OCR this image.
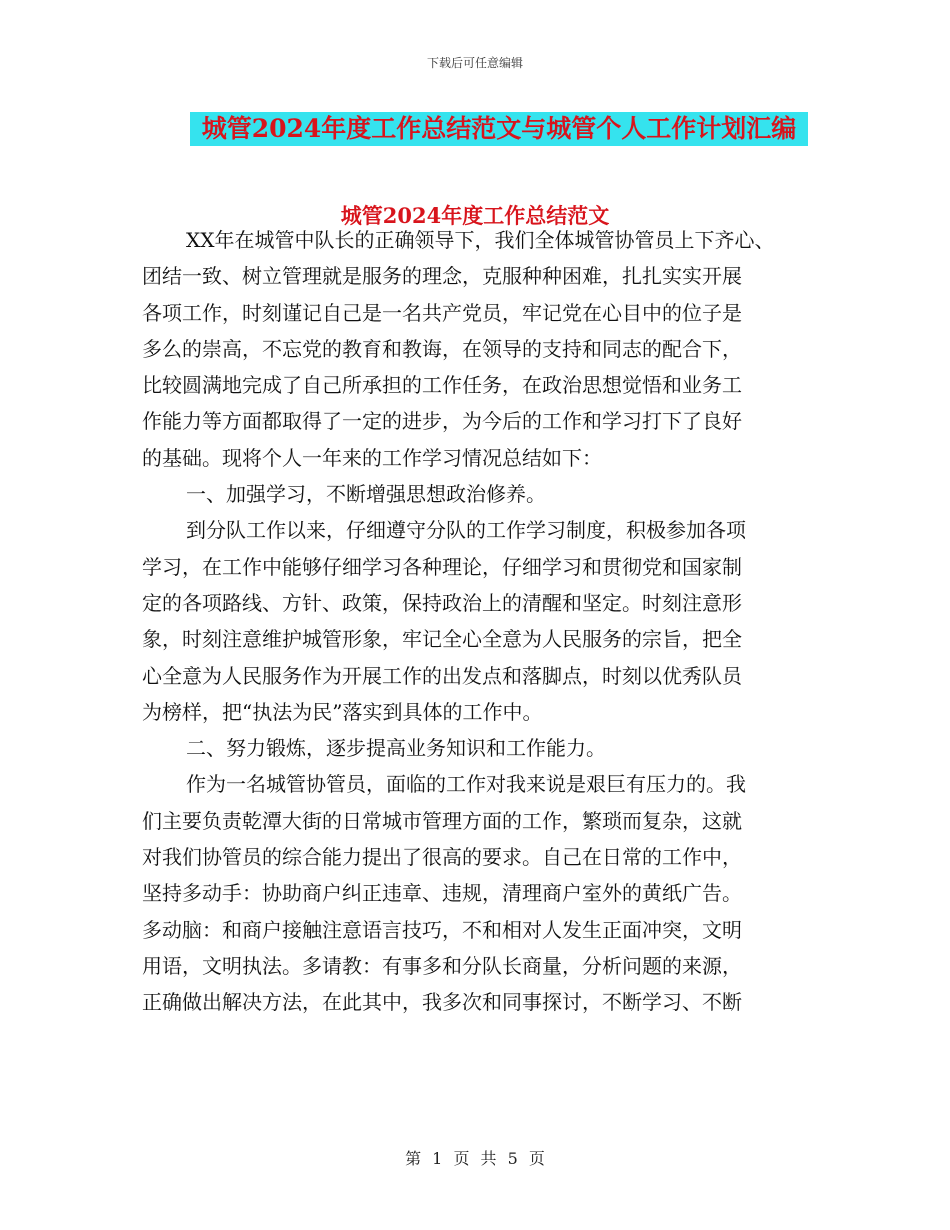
下载后可任意编辑
城管2024年度工作总结范文与城管个人工作计划汇编
城管2024年度工作总结范文
XX年在城管中队长的正确领导下，我们全体城管协管员上下齐心、
团结一致、树立管理就是服务的理念，克服种种困难，扎扎实实开展
各项工作，时刻谨记自己是一名共产党员，牢记党在心目中的位子是
多么的崇高，不忘党的教育和教诲，在领导的支持和同志的配合下，
比较圆满地完成了自己所承担的工作任务，在政治思想觉悟和业务工
作能力等方面都取得了一定的进步，为今后的工作和学习打下了良好
的基础。现将个人一年来的工作学习情况总结如下：
一、加强学习，不断增强思想政治修养。
到分队工作以来，仔细遵守分队的工作学习制度，积极参加各项
学习，在工作中能够仔细学习各种理论，仔细学习和贯彻党和国家制
定的各项路线、方针、政策，保持政治上的清醒和坚定。时刻注意形
象，时刻注意维护城管形象，牢记全心全意为人民服务的宗旨，把全
心全意为人民服务作为开展工作的出发点和落脚点，时刻以优秀队员
为榜样，把“执法为民”落实到具体的工作中。
二、努力锻炼，逐步提高业务知识和工作能力。
作为一名城管协管员，面临的工作对我来说是艰巨有压力的。我
们主要负责乾潭大街的日常城市管理方面的工作，繁琐而复杂，这就
对我们协管员的综合能力提出了很高的要求。自己在日常的工作中，
坚持多动手：协助商户纠正违章、违规，清理商户室外的黄纸广告。
多动脑：和商户接触注意语言技巧，不和相对人发生正面冲突，文明
用语，文明执法。多请教：有事多和分队长商量，分析问题的来源，
正确做出解决方法，在此其中，我多次和同事探讨，不断学习、不断
第 1 页 共 5 页
